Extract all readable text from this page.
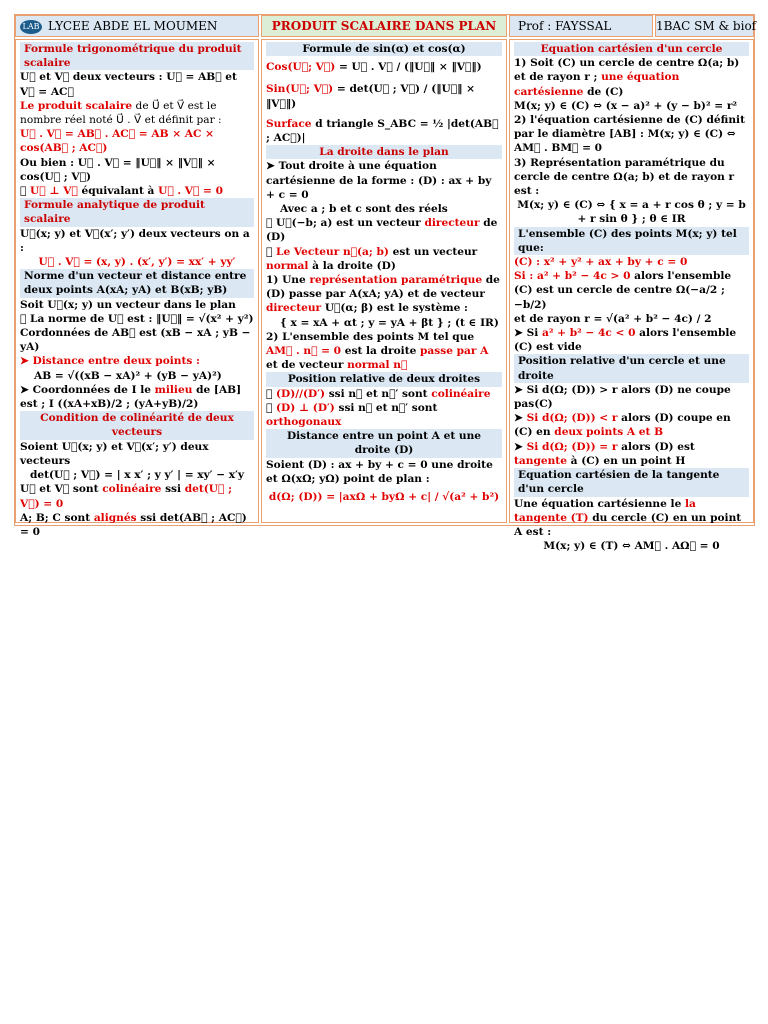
LAB LYCEE ABDE EL MOUMEN	PRODUIT SCALAIRE DANS PLAN	Prof : FAYSSAL	1BAC SM & biof

Formule trigonométrique du produit scalaire

U⃗ et V⃗ deux vecteurs : U⃗ = AB⃗ et V⃗ = AC⃗

Le produit scalaire de U⃗ et V⃗ est le nombre réel noté U⃗ . V⃗ et définit par :

U⃗ . V⃗ = AB⃗ . AC⃗ = AB × AC × cos(AB⃗ ; AC⃗)

Ou bien : U⃗ . V⃗ = ‖U⃗‖ × ‖V⃗‖ × cos(U⃗ ; V⃗)

➤ U⃗ ⊥ V⃗ équivalant à U⃗ . V⃗ = 0

Formule analytique de produit scalaire

U⃗(x; y) et V⃗(x′; y′) deux vecteurs on a :

U⃗ . V⃗ = (x, y) . (x′, y′) = xx′ + yy′

Norme d'un vecteur et distance entre deux points A(xA; yA) et B(xB; yB)

Soit U⃗(x; y) un vecteur dans le plan

➤ La norme de U⃗ est : ‖U⃗‖ = √(x² + y²)

Cordonnées de AB⃗ est (xB − xA ; yB − yA)

➤ Distance entre deux points :

AB = √((xB − xA)² + (yB − yA)²)

➤ Coordonnées de I le milieu de [AB] est ; I ((xA+xB)/2 ; (yA+yB)/2)

Condition de colinéarité de deux vecteurs

Soient U⃗(x; y) et V⃗(x′; y′) deux vecteurs

det(U⃗ ; V⃗) = | x x′ ; y y′ | = xy′ − x′y

U⃗ et V⃗ sont colinéaire ssi det(U⃗ ; V⃗) = 0

A; B; C sont alignés ssi det(AB⃗ ; AC⃗) = 0

Formule de sin(α) et cos(α)

Cos(U⃗; V⃗) = U⃗ . V⃗ / (‖U⃗‖ × ‖V⃗‖)

Sin(U⃗; V⃗) = det(U⃗ ; V⃗) / (‖U⃗‖ × ‖V⃗‖)

Surface d triangle S_ABC = ½ |det(AB⃗ ; AC⃗)|

La droite dans le plan

➤ Tout droite à une équation cartésienne de la forme : (D) : ax + by + c = 0

Avec a ; b et c sont des réels

➤ U⃗(−b; a) est un vecteur directeur de (D)

➤ Le Vecteur n⃗(a; b) est un vecteur normal à la droite (D)

1) Une représentation paramétrique de (D) passe par A(xA; yA) et de vecteur directeur U⃗(α; β) est le système :

{ x = xA + αt ; y = yA + βt } ; (t ∈ IR)

2) L'ensemble des points M tel que AM⃗ . n⃗ = 0 est la droite passe par A et de vecteur normal n⃗

Position relative de deux droites

➤ (D)//(D′) ssi n⃗ et n⃗′ sont colinéaire

➤ (D) ⊥ (D′) ssi n⃗ et n⃗′ sont orthogonaux

Distance entre un point A et une droite (D)

Soient (D) : ax + by + c = 0 une droite et Ω(xΩ; yΩ) point de plan :

d(Ω; (D)) = |axΩ + byΩ + c| / √(a² + b²)

Equation cartésien d'un cercle

1) Soit (C) un cercle de centre Ω(a; b) et de rayon r ; une équation cartésienne de (C)

M(x; y) ∈ (C) ⇔ (x − a)² + (y − b)² = r²

2) l'équation cartésienne de (C) définit par le diamètre [AB] : M(x; y) ∈ (C) ⇔ AM⃗ . BM⃗ = 0

3) Représentation paramétrique du cercle de centre Ω(a; b) et de rayon r est :

M(x; y) ∈ (C) ⇔ { x = a + r cos θ ; y = b + r sin θ } ; θ ∈ IR

L'ensemble (C) des points M(x; y) tel que:

(C) : x² + y² + ax + by + c = 0

Si : a² + b² − 4c > 0 alors l'ensemble (C) est un cercle de centre Ω(−a/2 ; −b/2)

et de rayon r = √(a² + b² − 4c) / 2

➤ Si a² + b² − 4c < 0 alors l'ensemble (C) est vide

Position relative d'un cercle et une droite

➤ Si d(Ω; (D)) > r alors (D) ne coupe pas(C)

➤ Si d(Ω; (D)) < r alors (D) coupe en (C) en deux points A et B

➤ Si d(Ω; (D)) = r alors (D) est tangente à (C) en un point H

Equation cartésien de la tangente d'un cercle

Une équation cartésienne le la tangente (T) du cercle (C) en un point A est :

M(x; y) ∈ (T) ⇔ AM⃗ . AΩ⃗ = 0
